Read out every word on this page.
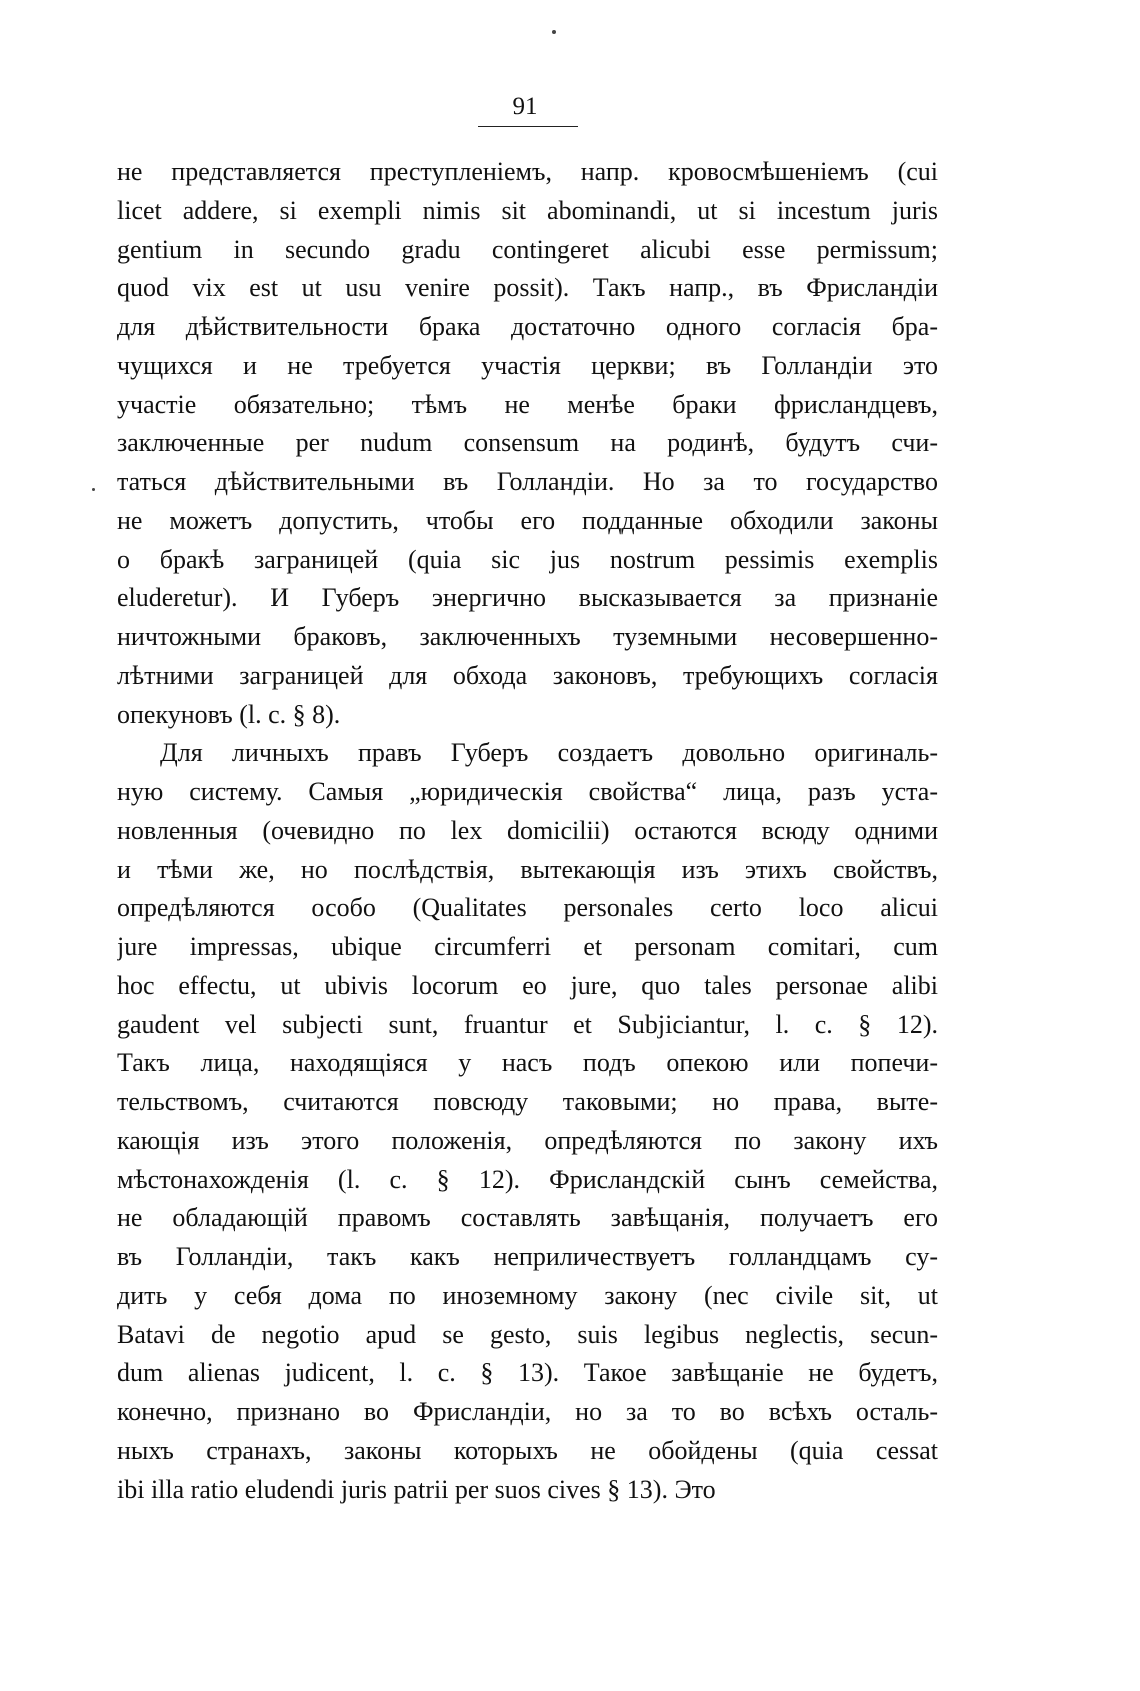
91
не представляется преступленіемъ, напр. кровосмѣшеніемъ (cui
licet addere, si exempli nimis sit abominandi, ut si incestum juris
gentium in secundo gradu contingeret alicubi esse permissum;
quod vix est ut usu venire possit). Такъ напр., въ Фрисландіи
для дѣйствительности брака достаточно одного согласія бра-
чущихся и не требуется участія церкви; въ Голландіи это
участіе обязательно; тѣмъ не менѣе браки фрисландцевъ,
заключенные per nudum consensum на родинѣ, будутъ счи-
таться дѣйствительными въ Голландіи. Но за то государство
не можетъ допустить, чтобы его подданные обходили законы
о бракѣ заграницей (quia sic jus nostrum pessimis exemplis
eluderetur). И Губеръ энергично высказывается за признаніе
ничтожными браковъ, заключенныхъ туземными несовершенно-
лѣтними заграницей для обхода законовъ, требующихъ согласія
опекуновъ (l. c. § 8).
Для личныхъ правъ Губеръ создаетъ довольно оригиналь-
ную систему. Самыя „юридическія свойства“ лица, разъ уста-
новленныя (очевидно по lex domicilii) остаются всюду одними
и тѣми же, но послѣдствія, вытекающія изъ этихъ свойствъ,
опредѣляются особо (Qualitates personales certo loco alicui
jure impressas, ubique circumferri et personam comitari, cum
hoc effectu, ut ubivis locorum eo jure, quo tales personae alibi
gaudent vel subjecti sunt, fruantur et Subjiciantur, l. c. § 12).
Такъ лица, находящіяся у насъ подъ опекою или попечи-
тельствомъ, считаются повсюду таковыми; но права, выте-
кающія изъ этого положенія, опредѣляются по закону ихъ
мѣстонахожденія (l. c. § 12). Фрисландскій сынъ семейства,
не обладающій правомъ составлять завѣщанія, получаетъ его
въ Голландіи, такъ какъ неприличествуетъ голландцамъ су-
дить у себя дома по иноземному закону (nec civile sit, ut
Batavi de negotio apud se gesto, suis legibus neglectis, secun-
dum alienas judicent, l. c. § 13). Такое завѣщаніе не будетъ,
конечно, признано во Фрисландіи, но за то во всѣхъ осталь-
ныхъ странахъ, законы которыхъ не обойдены (quia cessat
ibi illa ratio eludendi juris patrii per suos cives § 13). Это
